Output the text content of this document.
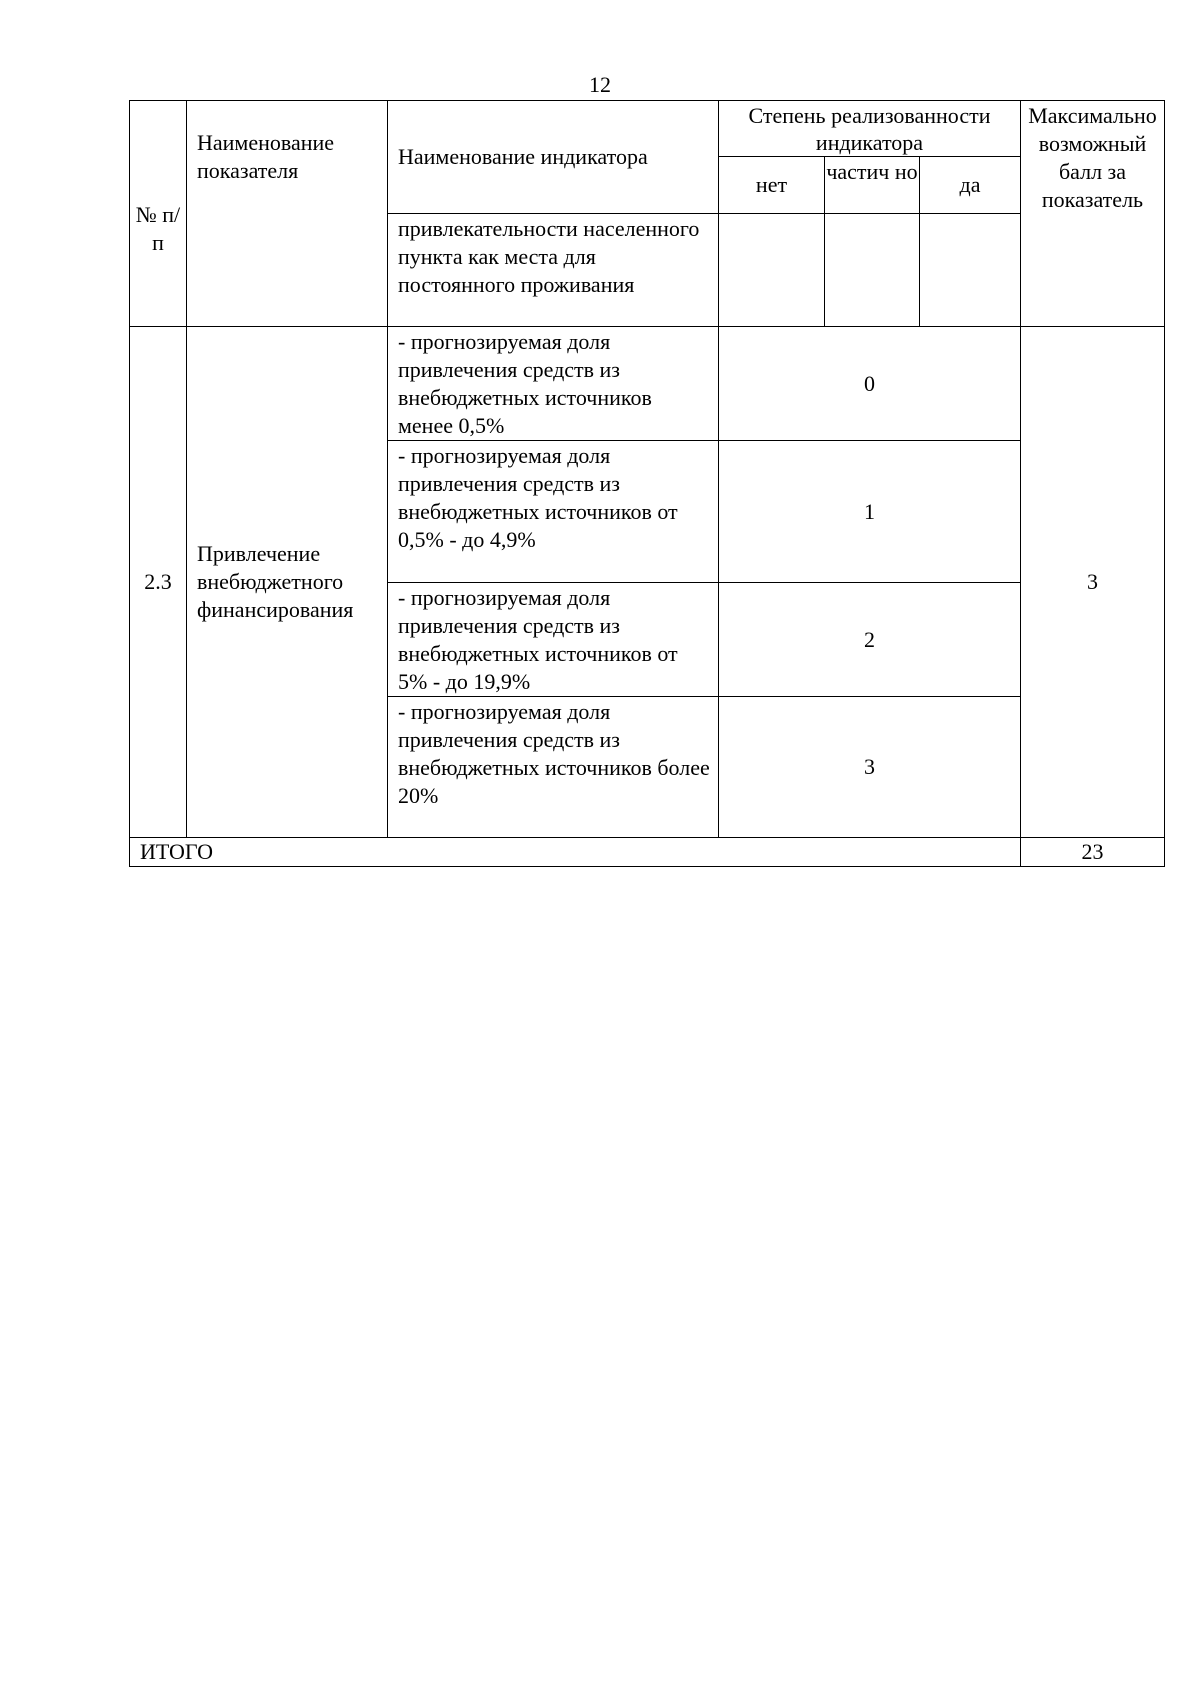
12
№ п/п	Наименование показателя	Наименование индикатора	Степень реализованности индикатора			Максимально возможный балл за показатель
			нет	частич но	да	
		привлекательности населенного пункта как места для постоянного проживания				
2.3	Привлечение внебюджетного финансирования	- прогнозируемая доля привлечения средств из внебюджетных источников менее 0,5%	0			3
		- прогнозируемая доля привлечения средств из внебюджетных источников от 0,5% - до 4,9%	1			
		- прогнозируемая доля привлечения средств из внебюджетных источников от 5% - до 19,9%	2			
		- прогнозируемая доля привлечения средств из внебюджетных источников более 20%	3			
ИТОГО						23
